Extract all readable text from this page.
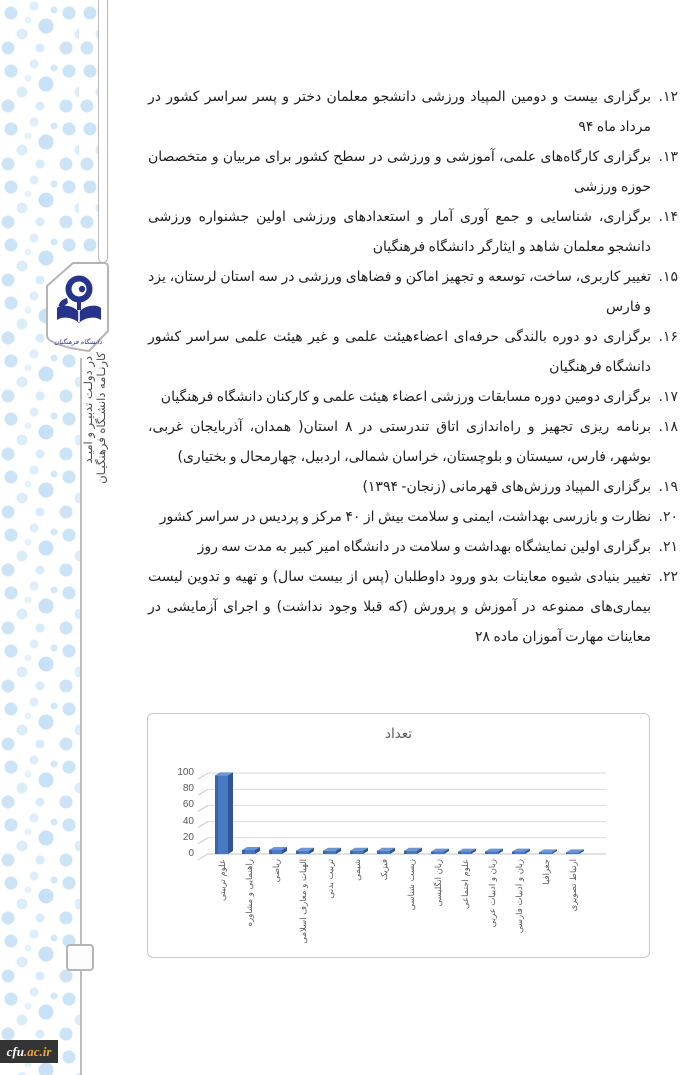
دانشگاه فرهنگیان
کارنـامه دانشـگاه فرهنگیـان
در دولـت تدبیـر و امیـد
cfu .ac.ir
۱۲.
برگزاری بیست و دومین المپیاد ورزشی دانشجو معلمان دختر و پسر سراسر کشور در مرداد ماه ۹۴
۱۳.
برگزاری کارگاه‌های علمی، آموزشی و ورزشی در سطح کشور برای مربیان و متخصصان حوزه ورزشی
۱۴.
برگزاری، شناسایی و جمع آوری آمار و استعدادهای ورزشی اولین جشنواره ورزشی دانشجو معلمان شاهد و ایثارگر دانشگاه فرهنگیان
۱۵.
تغییر کاربری، ساخت، توسعه و تجهیز اماکن و فضاهای ورزشی در سه استان لرستان، یزد و فارس
۱۶.
برگزاری دو دوره بالندگی حرفه‌ای اعضاءهیئت علمی و غیر هیئت علمی سراسر کشور دانشگاه فرهنگیان
۱۷.
برگزاری دومین دوره مسابقات ورزشی اعضاء هیئت علمی و کارکنان دانشگاه فرهنگیان
۱۸.
برنامه ریزی تجهیز و راه‌اندازی اتاق تندرستی در ۸ استان( همدان، آذربایجان غربی، بوشهر، فارس، سیستان و بلوچستان، خراسان شمالی، اردبیل، چهارمحال و بختیاری)
۱۹.
برگزاری المپیاد ورزش‌های قهرمانی (زنجان- ۱۳۹۴)
۲۰.
نظارت و بازرسی بهداشت، ایمنی و سلامت بیش از ۴۰ مرکز و پردیس در سراسر کشور
۲۱.
برگزاری اولین نمایشگاه بهداشت و سلامت در دانشگاه امیر کبیر به مدت سه روز
۲۲.
تغییر بنیادی شیوه معاینات بدو ورود داوطلبان (پس از بیست سال) و تهیه و تدوین لیست بیماری‌های ممنوعه در آموزش و پرورش (که قبلا وجود نداشت) و اجرای آزمایشی در معاینات مهارت آموزان ماده ۲۸
تعداد
0
20
40
60
80
100
علوم تربیتی راهنمایی و مشاوره ریاضی الهیات و معارف اسلامی تربیت بدنی شیمی فیزیک زیست شناسی زبان انگلیسی علوم اجتماعی زبان و ادبیات عربی زبان و ادبیات فارسی جغرافیا ارتباط تصویری
